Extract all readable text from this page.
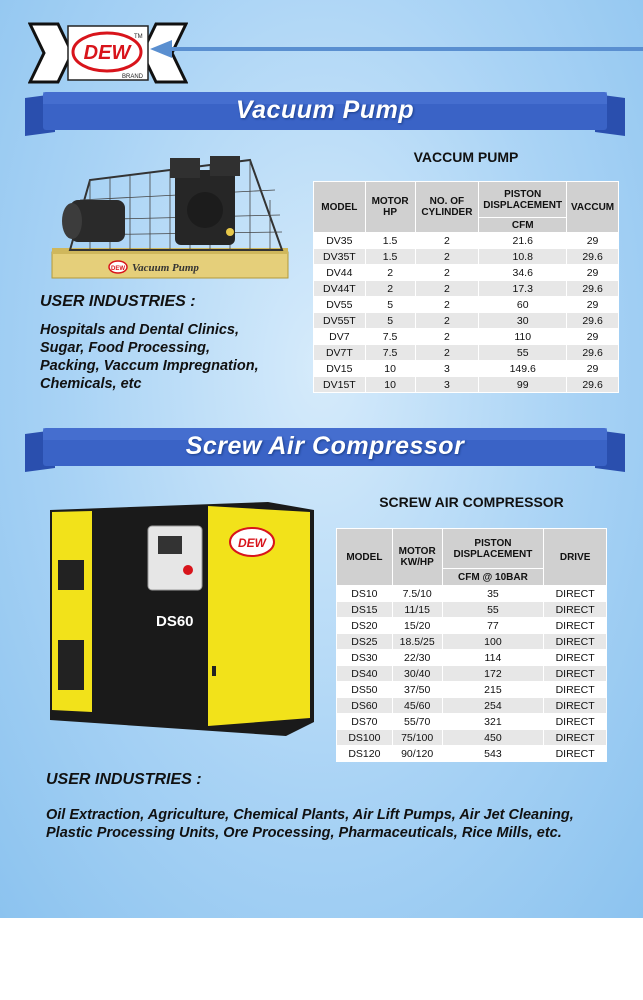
DEW
TM
BRAND
Vacuum Pump
DEW Vacuum Pump
VACCUM PUMP
MODEL	MOTOR HP	NO. OF CYLINDER	PISTON DISPLACEMENT	VACCUM
			CFM	
DV35	1.5	2	21.6	29
DV35T	1.5	2	10.8	29.6
DV44	2	2	34.6	29
DV44T	2	2	17.3	29.6
DV55	5	2	60	29
DV55T	5	2	30	29.6
DV7	7.5	2	110	29
DV7T	7.5	2	55	29.6
DV15	10	3	149.6	29
DV15T	10	3	99	29.6
USER INDUSTRIES :
Hospitals and Dental Clinics,
Sugar, Food Processing,
Packing, Vaccum Impregnation,
Chemicals, etc
Screw Air Compressor
DEW
DS60
SCREW AIR COMPRESSOR
MODEL	MOTOR KW/HP	PISTON DISPLACEMENT	DRIVE
		CFM @ 10BAR	
DS10	7.5/10	35	DIRECT
DS15	11/15	55	DIRECT
DS20	15/20	77	DIRECT
DS25	18.5/25	100	DIRECT
DS30	22/30	114	DIRECT
DS40	30/40	172	DIRECT
DS50	37/50	215	DIRECT
DS60	45/60	254	DIRECT
DS70	55/70	321	DIRECT
DS100	75/100	450	DIRECT
DS120	90/120	543	DIRECT
USER INDUSTRIES :
Oil Extraction, Agriculture, Chemical Plants, Air Lift Pumps, Air Jet Cleaning,
Plastic Processing Units, Ore Processing, Pharmaceuticals, Rice Mills, etc.
